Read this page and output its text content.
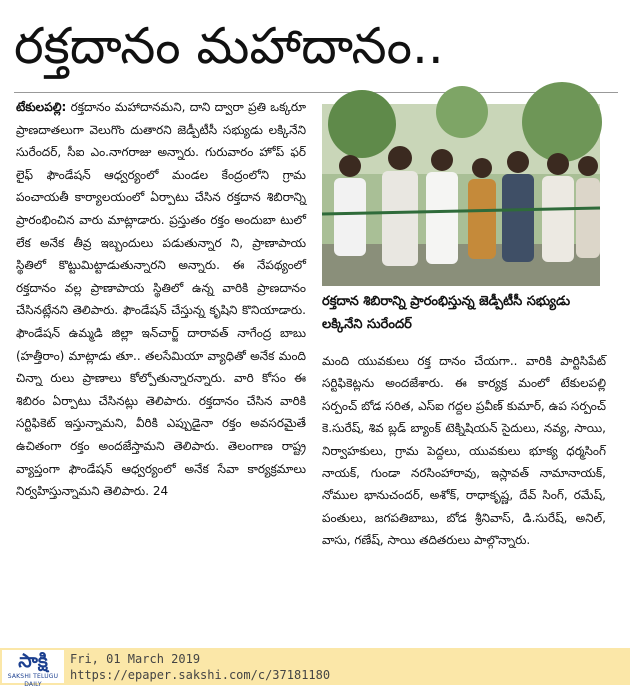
రక్తదానం మహాదానం..

టేకులపల్లి: రక్తదానం మహాదానమని, దాని ద్వారా ప్రతి ఒక్కరూ ప్రాణదాతలుగా వెలుగొం దుతారని జెడ్పీటీసీ సభ్యుడు లక్కినేని సురేందర్, సీఐ ఎం.నాగరాజు అన్నారు. గురువారం హోప్ ఫర్ లైఫ్ ఫౌండేషన్ ఆధ్వర్యంలో మండల కేంద్రంలోని గ్రామ పంచాయతీ కార్యాలయంలో ఏర్పాటు చేసిన రక్తదాన శిబిరాన్ని ప్రారంభించిన వారు మాట్లాడారు. ప్రస్తుతం రక్తం అందుబా టులో లేక అనేక తీవ్ర ఇబ్బందులు పడుతున్నార ని, ప్రాణాపాయ స్థితిలో కొట్టుమిట్టాడుతున్నారని అన్నారు. ఈ నేపథ్యంలో రక్తదానం వల్ల ప్రాణాపాయ స్థితిలో ఉన్న వారికి ప్రాణదానం చేసినట్లేనని తెలిపారు. ఫౌండేషన్ చేస్తున్న కృషిని కొనియాడారు. ఫౌండేషన్ ఉమ్మడి జిల్లా ఇన్‌చార్జ్ దారావత్ నాగేంద్ర బాబు (హత్తీరాం) మాట్లాడు తూ.. తలసేమియా వ్యాధితో అనేక మంది చిన్నా రులు ప్రాణాలు కోల్పోతున్నారన్నారు. వారి కోసం ఈ శిబిరం ఏర్పాటు చేసినట్లు తెలిపారు. రక్తదానం చేసిన వారికి సర్టిఫికెట్ ఇస్తున్నామని, వీరికి ఎప్పుడైనా రక్తం అవసరమైతే ఉచితంగా రక్తం అందజేస్తామని తెలిపారు. తెలంగాణ రాష్ట్ర వ్యాప్తంగా ఫౌండేషన్ ఆధ్వర్యంలో అనేక సేవా కార్యక్రమాలు నిర్వహిస్తున్నామని తెలిపారు. 24

రక్తదాన శిబిరాన్ని ప్రారంభిస్తున్న జెడ్పీటీసీ సభ్యుడు లక్కినేని సురేందర్

మంది యువకులు రక్త దానం చేయగా.. వారికి పార్టిసిపేట్ సర్టిఫికెట్లను అందజేశారు. ఈ కార్యక్ర మంలో టేకులపల్లి సర్పంచ్ బోడ సరిత, ఎస్‌ఐ గద్దల ప్రవీణ్ కుమార్, ఉప సర్పంచ్ కె.సురేష్, శివ బ్లడ్ బ్యాంక్ టెక్నిషియన్ సైదులు, నవ్య, సాయి, నిర్వాహకులు, గ్రామ పెద్దలు, యువకులు భూక్య ధర్మసింగ్ నాయక్, గుండా నరసింహారావు, ఇస్లావత్ నామానాయక్, నోముల భానుచందర్, అశోక్, రాధాకృష్ణ, దేవ్ సింగ్, రమేష్, పంతులు, జగపతిబాబు, బోడ శ్రీనివాస్, డి.సురేష్, అనిల్, వాసు, గణేష్, సాయి తదితరులు పాల్గొన్నారు.

సాక్షి
SAKSHI TELUGU DAILY
Fri, 01 March 2019
https://epaper.sakshi.com/c/37181180
